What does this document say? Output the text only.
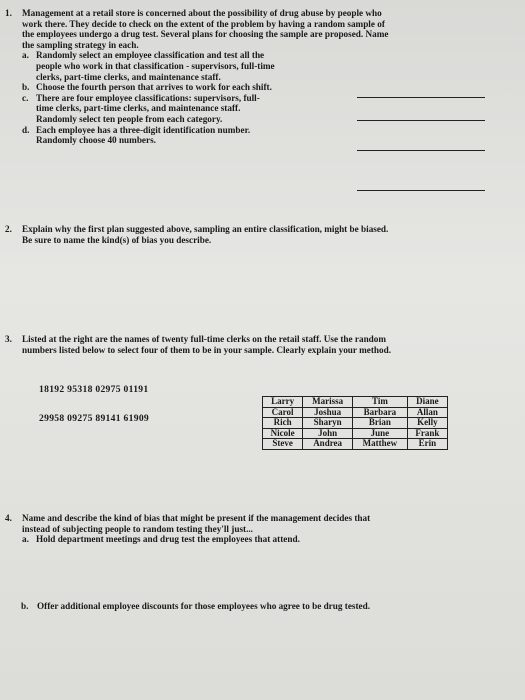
1. Management at a retail store is concerned about the possibility of drug abuse by people who
work there. They decide to check on the extent of the problem by having a random sample of
the employees undergo a drug test. Several plans for choosing the sample are proposed. Name
the sampling strategy in each.
a. Randomly select an employee classification and test all the
people who work in that classification - supervisors, full-time
clerks, part-time clerks, and maintenance staff.
b. Choose the fourth person that arrives to work for each shift.
c. There are four employee classifications: supervisors, full-
time clerks, part-time clerks, and maintenance staff.
Randomly select ten people from each category.
d. Each employee has a three-digit identification number.
Randomly choose 40 numbers.
2. Explain why the first plan suggested above, sampling an entire classification, might be biased.
Be sure to name the kind(s) of bias you describe.
3. Listed at the right are the names of twenty full-time clerks on the retail staff. Use the random
numbers listed below to select four of them to be in your sample. Clearly explain your method.
18192 95318 02975 01191
29958 09275 89141 61909
Larry	Marissa	Tim	Diane
Carol	Joshua	Barbara	Allan
Rich	Sharyn	Brian	Kelly
Nicole	John	June	Frank
Steve	Andrea	Matthew	Erin
4. Name and describe the kind of bias that might be present if the management decides that
instead of subjecting people to random testing they'll just...
a. Hold department meetings and drug test the employees that attend.
b. Offer additional employee discounts for those employees who agree to be drug tested.
